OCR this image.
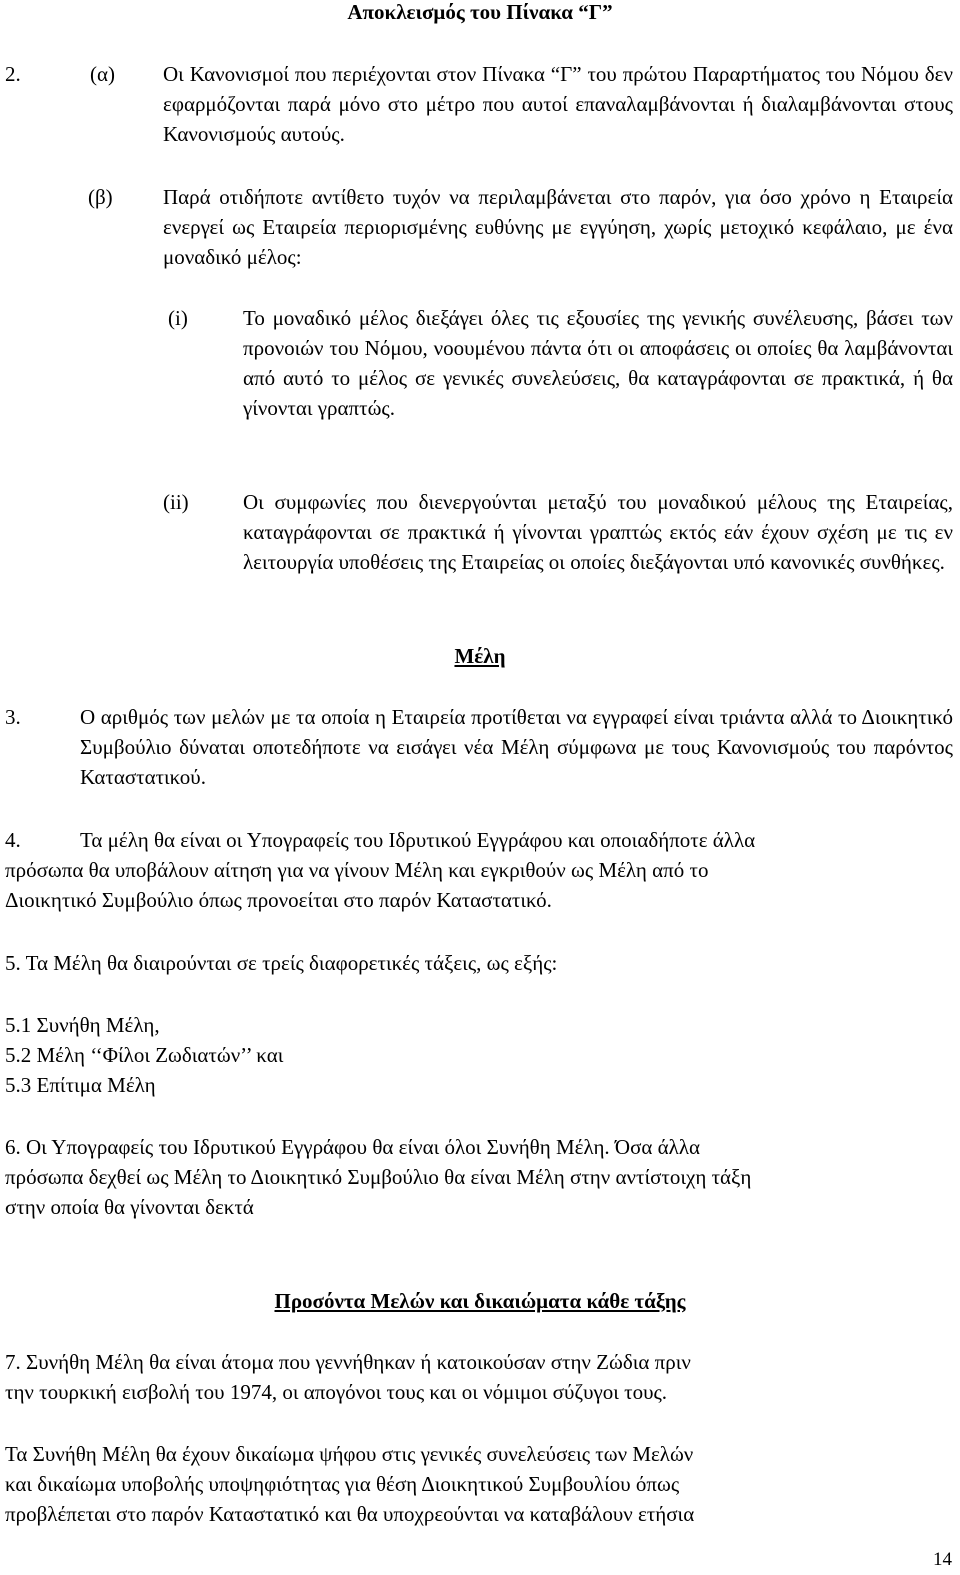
Αποκλεισμός του Πίνακα “Γ”
2.	(α) Οι Κανονισμοί που περιέχονται στον Πίνακα “Γ” του πρώτου Παραρτήματος του Νόμου δεν εφαρμόζονται παρά μόνο στο μέτρο που αυτοί επαναλαμβάνονται ή διαλαμβάνονται στους Κανονισμούς αυτούς.
(β) Παρά οτιδήποτε αντίθετο τυχόν να περιλαμβάνεται στο παρόν, για όσο χρόνο η Εταιρεία ενεργεί ως Εταιρεία περιορισμένης ευθύνης με εγγύηση, χωρίς μετοχικό κεφάλαιο, με ένα μοναδικό μέλος:
(i)	Το μοναδικό μέλος διεξάγει όλες τις εξουσίες της γενικής συνέλευσης, βάσει των προνοιών του Νόμου, νοουμένου πάντα ότι οι αποφάσεις οι οποίες θα λαμβάνονται από αυτό το μέλος σε γενικές συνελεύσεις, θα καταγράφονται σε πρακτικά, ή θα γίνονται γραπτώς.
(ii)	Οι συμφωνίες που διενεργούνται μεταξύ του μοναδικού μέλους της Εταιρείας, καταγράφονται σε πρακτικά ή γίνονται γραπτώς εκτός εάν έχουν σχέση με τις εν λειτουργία υποθέσεις της Εταιρείας οι οποίες διεξάγονται υπό κανονικές συνθήκες.
Μέλη
3.	Ο αριθμός των μελών με τα οποία η Εταιρεία προτίθεται να εγγραφεί είναι τριάντα αλλά το Διοικητικό Συμβούλιο δύναται οποτεδήποτε να εισάγει νέα Μέλη σύμφωνα με τους Κανονισμούς του παρόντος Καταστατικού.
4.	Τα μέλη θα είναι οι Υπογραφείς του Ιδρυτικού Εγγράφου και οποιαδήποτε άλλα
πρόσωπα θα υποβάλουν αίτηση για να γίνουν Μέλη και εγκριθούν ως Μέλη από το
Διοικητικό Συμβούλιο όπως προνοείται στο παρόν Καταστατικό.
5. Τα Μέλη θα διαιρούνται σε τρείς διαφορετικές τάξεις, ως εξής:
5.1 Συνήθη Μέλη,
5.2 Μέλη ‘‘Φίλοι Ζωδιατών’’ και
5.3 Επίτιμα Μέλη
6. Οι Υπογραφείς του Ιδρυτικού Εγγράφου θα είναι όλοι Συνήθη Μέλη. Όσα άλλα
πρόσωπα δεχθεί ως Μέλη το Διοικητικό Συμβούλιο θα είναι Μέλη στην αντίστοιχη τάξη
στην οποία θα γίνονται δεκτά
Προσόντα Μελών και δικαιώματα κάθε τάξης
7. Συνήθη Μέλη θα είναι άτομα που γεννήθηκαν ή κατοικούσαν στην Ζώδια πριν
την τουρκική εισβολή του 1974, οι απογόνοι τους και οι νόμιμοι σύζυγοι τους.
Τα Συνήθη Μέλη θα έχουν δικαίωμα ψήφου στις γενικές συνελεύσεις των Μελών
και δικαίωμα υποβολής υποψηφιότητας για θέση Διοικητικού Συμβουλίου όπως
προβλέπεται στο παρόν Καταστατικό και θα υποχρεούνται να καταβάλουν ετήσια
14
